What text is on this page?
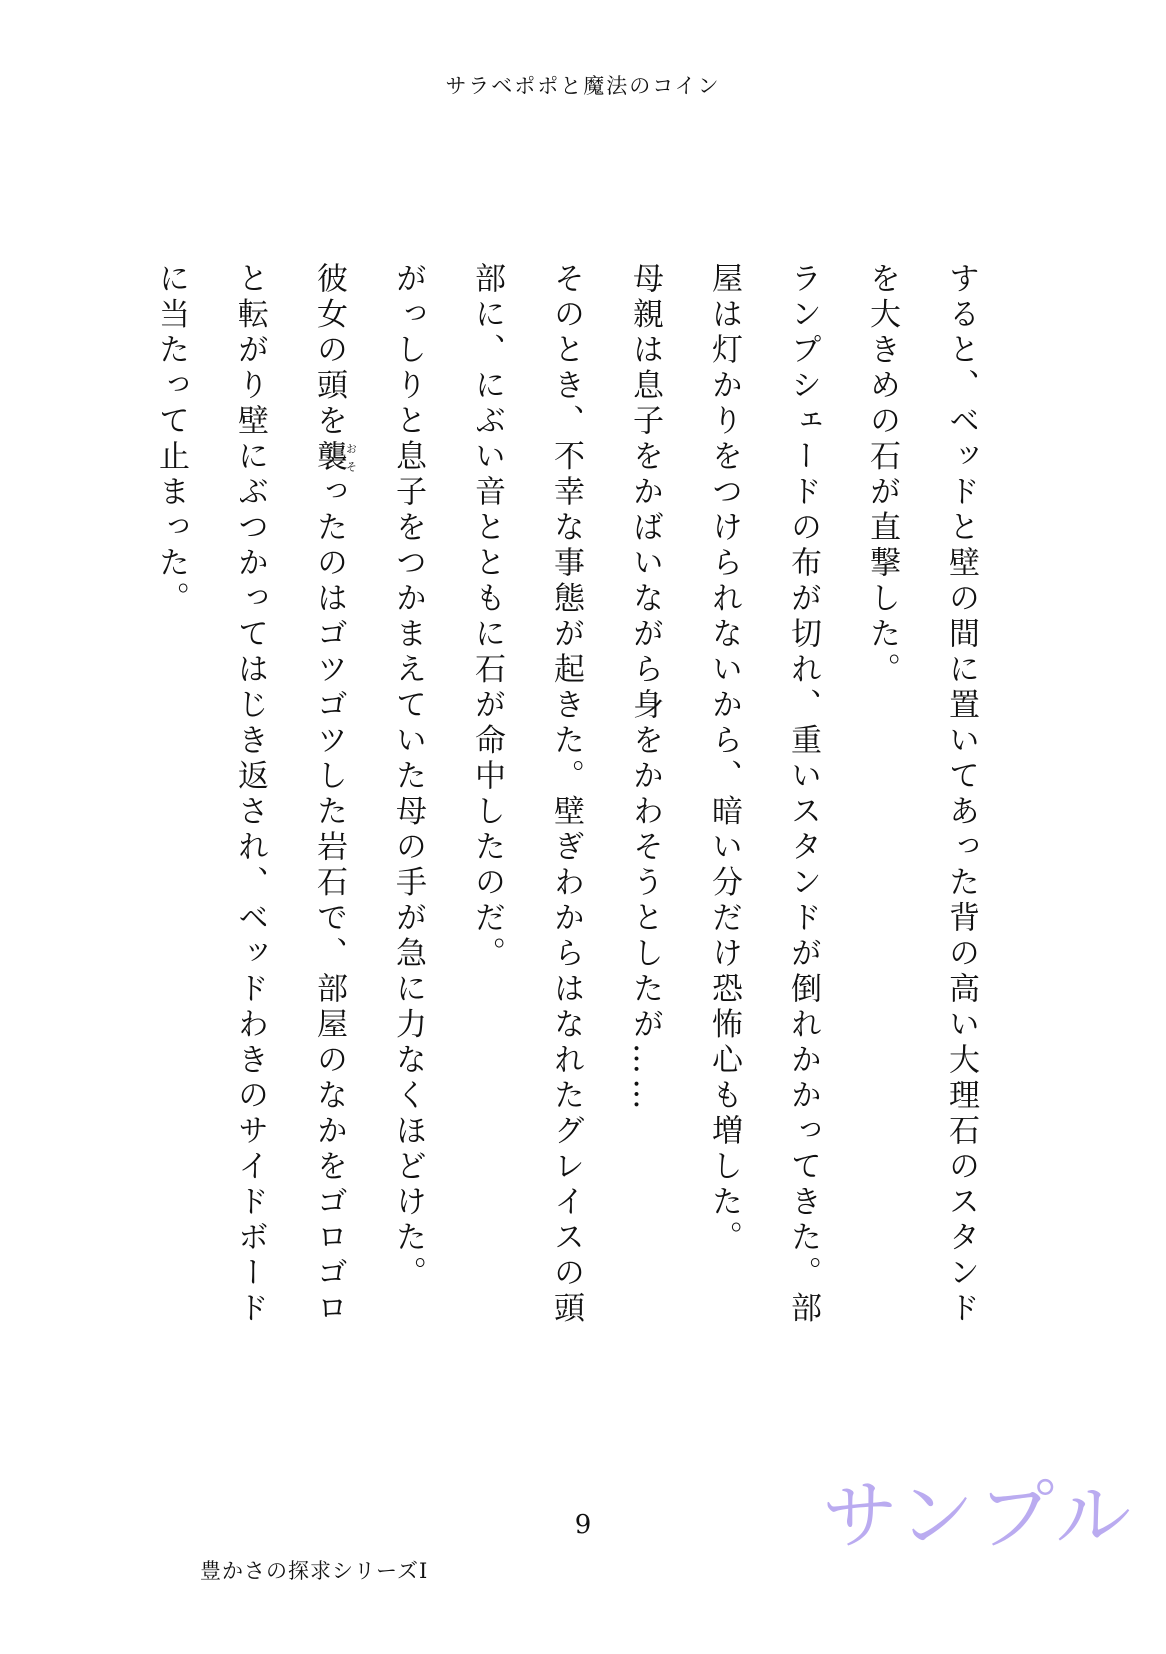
サラベポポと魔法のコイン

すると、ベッドと壁の間に置いてあった背の高い大理石のスタンドを大きめの石が直撃した。

ランプシェードの布が切れ、重いスタンドが倒れかかってきた。部屋は灯かりをつけられないから、暗い分だけ恐怖心も増した。

母親は息子をかばいながら身をかわそうとしたが……

そのとき、不幸な事態が起きた。壁ぎわからはなれたグレイスの頭部に、にぶい音とともに石が命中したのだ。

がっしりと息子をつかまえていた母の手が急に力なくほどけた。

彼女の頭を襲おそったのはゴツゴツした岩石で、部屋のなかをゴロゴロと転がり壁にぶつかってはじき返され、ベッドわきのサイドボードに当たって止まった。

サンプル
9
豊かさの探求シリーズⅠ
